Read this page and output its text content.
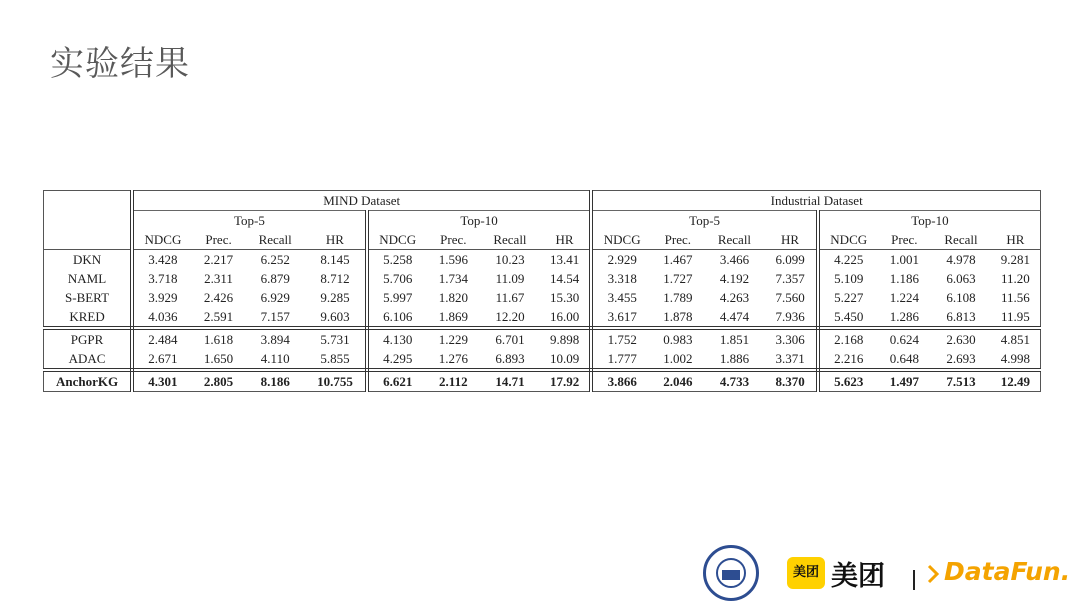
实验结果
	MIND Dataset								Industrial Dataset							
	Top-5				Top-10				Top-5				Top-10			
	NDCG	Prec.	Recall	HR	NDCG	Prec.	Recall	HR	NDCG	Prec.	Recall	HR	NDCG	Prec.	Recall	HR
DKN	3.428	2.217	6.252	8.145	5.258	1.596	10.23	13.41	2.929	1.467	3.466	6.099	4.225	1.001	4.978	9.281
NAML	3.718	2.311	6.879	8.712	5.706	1.734	11.09	14.54	3.318	1.727	4.192	7.357	5.109	1.186	6.063	11.20
S-BERT	3.929	2.426	6.929	9.285	5.997	1.820	11.67	15.30	3.455	1.789	4.263	7.560	5.227	1.224	6.108	11.56
KRED	4.036	2.591	7.157	9.603	6.106	1.869	12.20	16.00	3.617	1.878	4.474	7.936	5.450	1.286	6.813	11.95
PGPR	2.484	1.618	3.894	5.731	4.130	1.229	6.701	9.898	1.752	0.983	1.851	3.306	2.168	0.624	2.630	4.851
ADAC	2.671	1.650	4.110	5.855	4.295	1.276	6.893	10.09	1.777	1.002	1.886	3.371	2.216	0.648	2.693	4.998
AnchorKG	4.301	2.805	8.186	10.755	6.621	2.112	14.71	17.92	3.866	2.046	4.733	8.370	5.623	1.497	7.513	12.49
美团 美团 DataFun.
